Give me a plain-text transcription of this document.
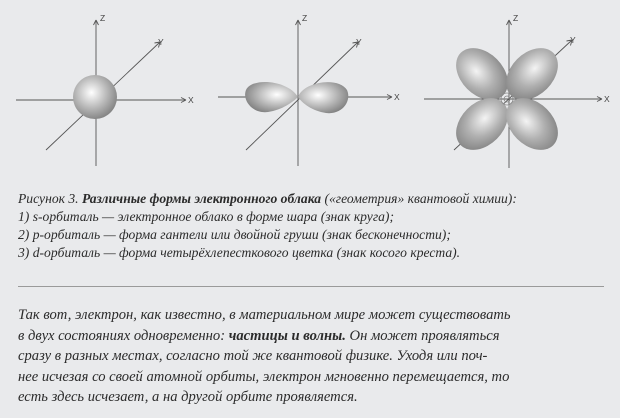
Z
Y
X
Z
Y
X
Z
Y
X

Рисунок 3. Различные формы электронного облака («геометрия» квантовой химии):

1) s-орбиталь — электронное облако в форме шара (знак круга);

2) p-орбиталь — форма гантели или двойной груши (знак бесконечности);

3) d-орбиталь — форма четырёхлепесткового цветка (знак косого креста).

Так вот, электрон, как известно, в материальном мире может существовать

в двух состояниях одновременно: частицы и волны. Он может проявляться

сразу в разных местах, согласно той же квантовой физике. Уходя или поч-

нее исчезая со своей атомной орбиты, электрон мгновенно перемещается, то

есть здесь исчезает, а на другой орбите проявляется.
